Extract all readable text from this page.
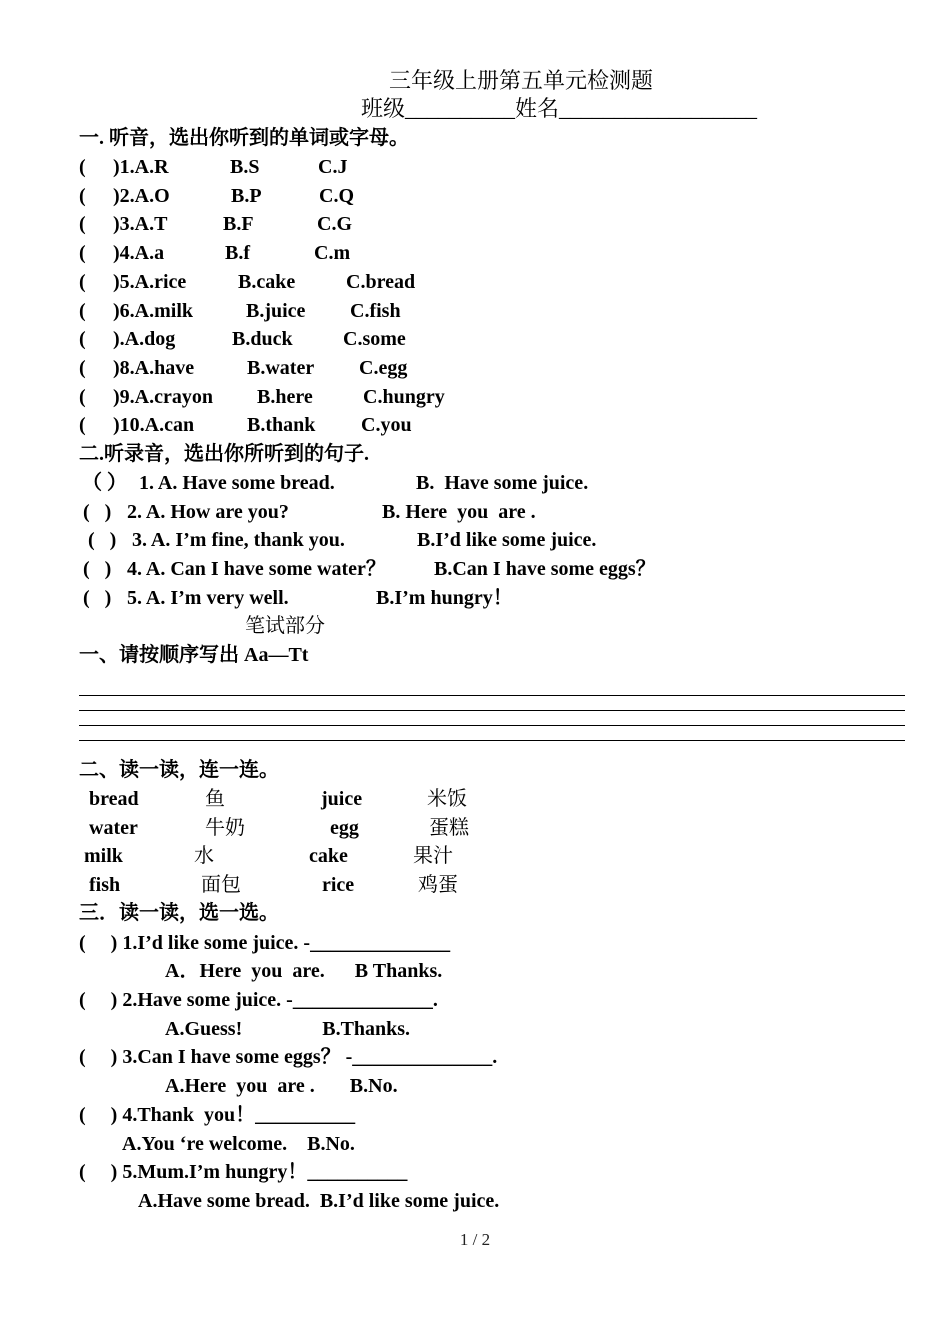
三年级上册第五单元检测题
班级__________姓名__________________
一. 听音，选出你听到的单词或字母。
( )1.A.R	B.S	C.J
( )2.A.O	B.P	C.Q
( )3.A.T	B.F	C.G
( )4.A.a	B.f	C.m
( )5.A.rice	B.cake	C.bread
( )6.A.milk	B.juice C.fish
( ).A.dog	B.duck	C.some
( )8.A.have	B.water C.egg
( )9.A.crayon B.here	C.hungry
( )10.A.can	B.thank C.you
二.听录音，选出你所听到的句子.
（ ） 1. A. Have some bread.	B.  Have some juice.
(   ) 2. A. How are you?	B. Here  you  are .
(   ) 3. A. I’m fine, thank you.	B.I’d like some juice.
(   ) 4. A. Can I have some water？ B.Can I have some eggs？
(   ) 5. A. I’m very well.	B.I’m hungry！
笔试部分
一、请按顺序写出 Aa—Tt
二、读一读，连一连。
bread	鱼	juice	米饭
water	牛奶	egg	蛋糕
milk	水	cake	果汁
fish	面包	rice	鸡蛋
三．读一读，选一选。
(     ) 1.I’d like some juice. -______________
A．Here  you  are.      B Thanks.
(     ) 2.Have some juice. -______________.
A.Guess!                B.Thanks.
(     ) 3.Can I have some eggs？ -______________.
A.Here  you  are .       B.No.
(     ) 4.Thank  you！__________
A.You ‘re welcome.    B.No.
(     ) 5.Mum.I’m hungry！__________
A.Have some bread.  B.I’d like some juice.
1 / 2
